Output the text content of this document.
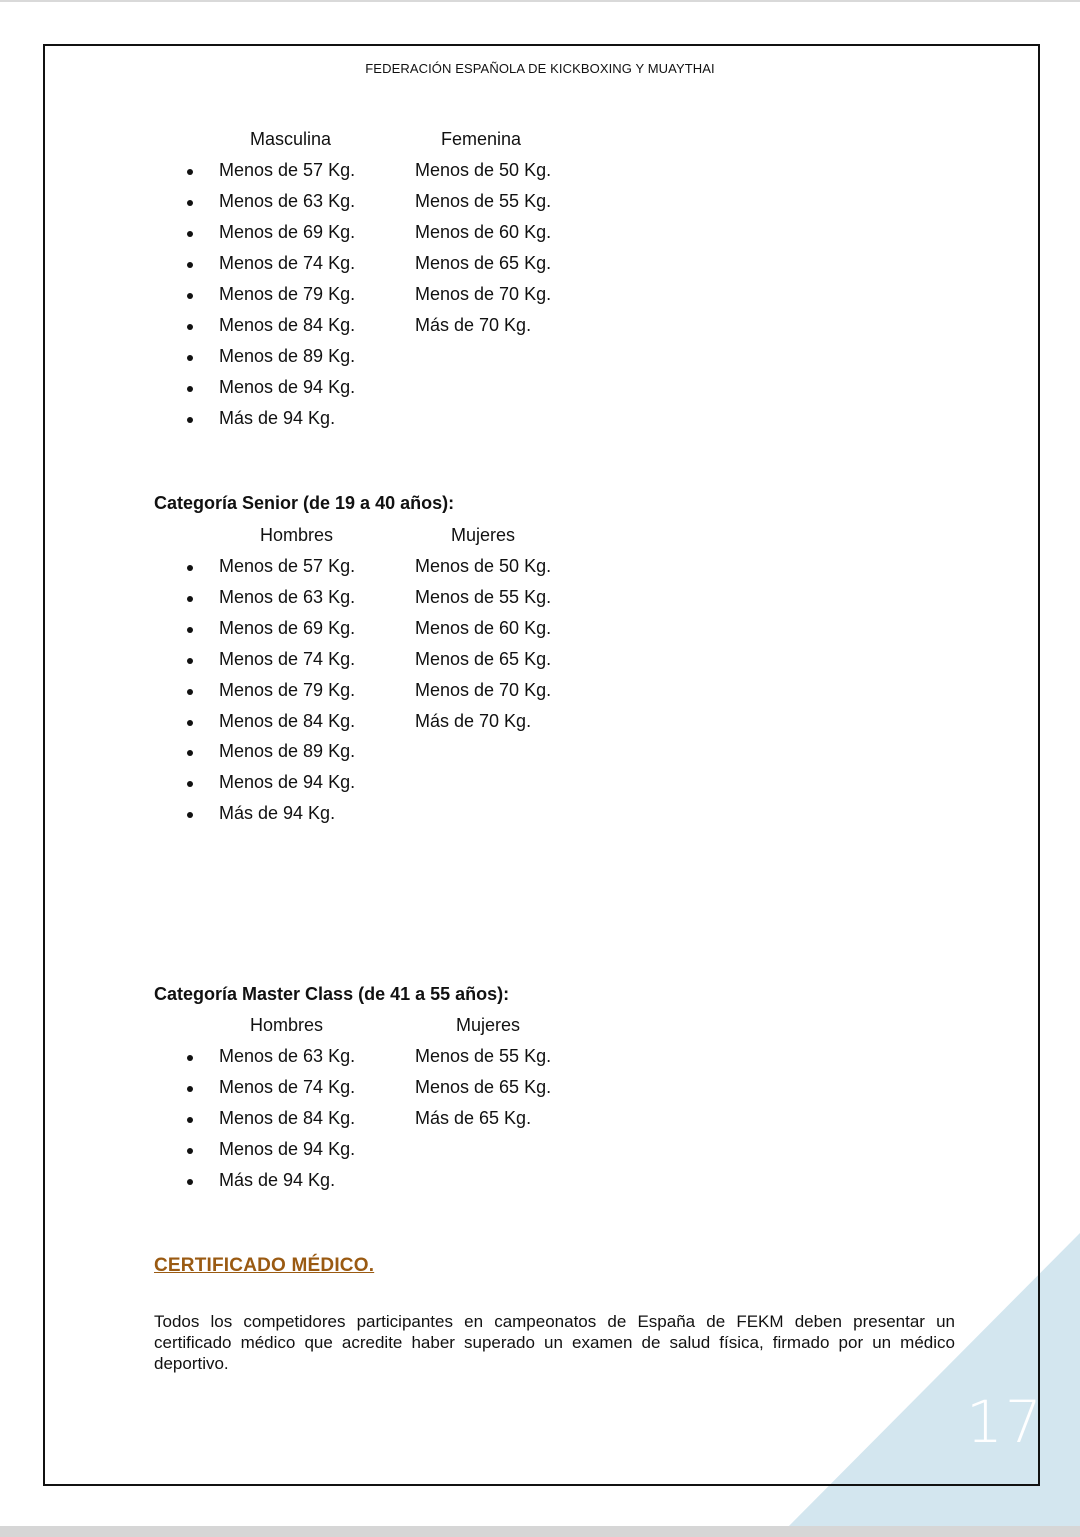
FEDERACIÓN ESPAÑOLA DE KICKBOXING Y MUAYTHAI
Masculina	Femenina
Menos de 57 Kg.	Menos de 50 Kg.
Menos de 63 Kg.	Menos de 55 Kg.
Menos de 69 Kg.	Menos de 60 Kg.
Menos de 74 Kg.	Menos de 65 Kg.
Menos de 79 Kg.	Menos de 70 Kg.
Menos de 84 Kg.	Más de 70 Kg.
Menos de 89 Kg.
Menos de 94 Kg.
Más de 94 Kg.
Categoría Senior (de 19 a 40 años):
Hombres	Mujeres
Menos de 57 Kg.	Menos de 50 Kg.
Menos de 63 Kg.	Menos de 55 Kg.
Menos de 69 Kg.	Menos de 60 Kg.
Menos de 74 Kg.	Menos de 65 Kg.
Menos de 79 Kg.	Menos de 70 Kg.
Menos de 84 Kg.	Más de 70 Kg.
Menos de 89 Kg.
Menos de 94 Kg.
Más de 94 Kg.
Categoría Master Class (de 41 a 55 años):
Hombres	Mujeres
Menos de 63 Kg.	Menos de 55 Kg.
Menos de 74 Kg.	Menos de 65 Kg.
Menos de 84 Kg.	Más de 65 Kg.
Menos de 94 Kg.
Más de 94 Kg.
CERTIFICADO MÉDICO.
Todos los competidores participantes en campeonatos de España de FEKM deben presentar un certificado médico que acredite haber superado un examen de salud física, firmado por un médico deportivo.
17
